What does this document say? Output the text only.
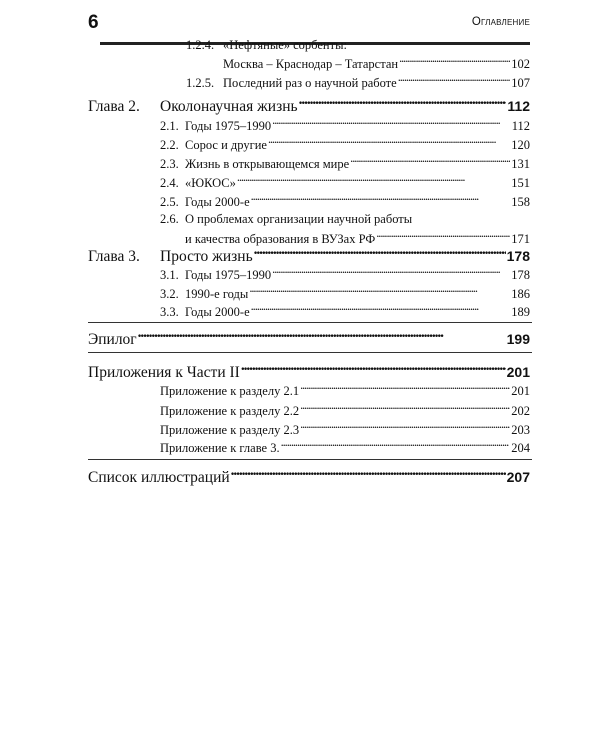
6	Оглавление
1.2.4. «Нефтяные» сорбенты:
Москва – Краснодар – Татарстан . . .	102
1.2.5. Последний раз о научной работе . . .	107
Глава 2.	Околонаучная жизнь . . .	112
2.1. Годы 1975–1990 . . .	112
2.2. Сорос и другие . . .	120
2.3. Жизнь в открывающемся мире . . .	131
2.4. «ЮКОС» . . .	151
2.5. Годы 2000-е . . .	158
2.6. О проблемах организации научной работы
и качества образования в ВУЗах РФ . . .	171
Глава 3.	Просто жизнь . . .	178
3.1. Годы 1975–1990 . . .	178
3.2. 1990-е годы . . .	186
3.3. Годы 2000-е . . .	189
Эпилог . . .	199
Приложения к Части II . . .	201
Приложение к разделу 2.1 . . .	201
Приложение к разделу 2.2 . . .	202
Приложение к разделу 2.3 . . .	203
Приложение к главе 3. . . .	204
Список иллюстраций . . .	207
